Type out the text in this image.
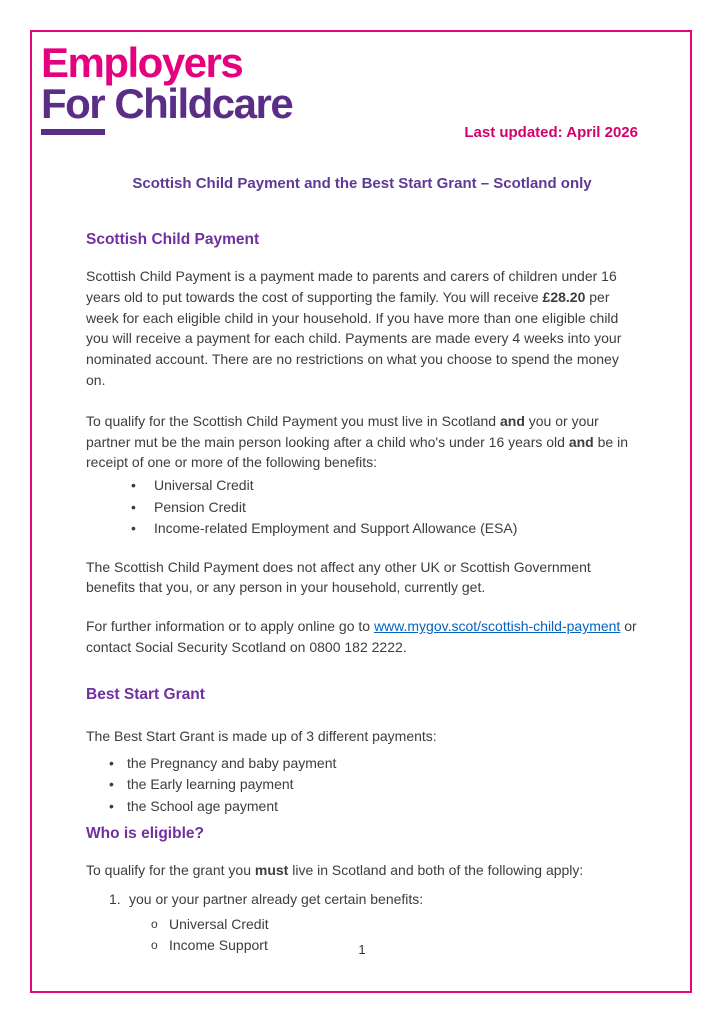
Employers
For Childcare
Last updated: April 2026
Scottish Child Payment and the Best Start Grant – Scotland only
Scottish Child Payment

Scottish Child Payment is a payment made to parents and carers of children under 16 years old to put towards the cost of supporting the family. You will receive £28.20 per week for each eligible child in your household. If you have more than one eligible child you will receive a payment for each child. Payments are made every 4 weeks into your nominated account. There are no restrictions on what you choose to spend the money on.

To qualify for the Scottish Child Payment you must live in Scotland and you or your partner mut be the main person looking after a child who's under 16 years old and be in receipt of one or more of the following benefits:

• Universal Credit
• Pension Credit
• Income-related Employment and Support Allowance (ESA)

The Scottish Child Payment does not affect any other UK or Scottish Government benefits that you, or any person in your household, currently get.

For further information or to apply online go to www.mygov.scot/scottish-child-payment or contact Social Security Scotland on 0800 182 2222.

Best Start Grant

The Best Start Grant is made up of 3 different payments:

• the Pregnancy and baby payment
• the Early learning payment
• the School age payment
Who is eligible?

To qualify for the grant you must live in Scotland and both of the following apply:

1. you or your partner already get certain benefits:
o Universal Credit
o Income Support	1
